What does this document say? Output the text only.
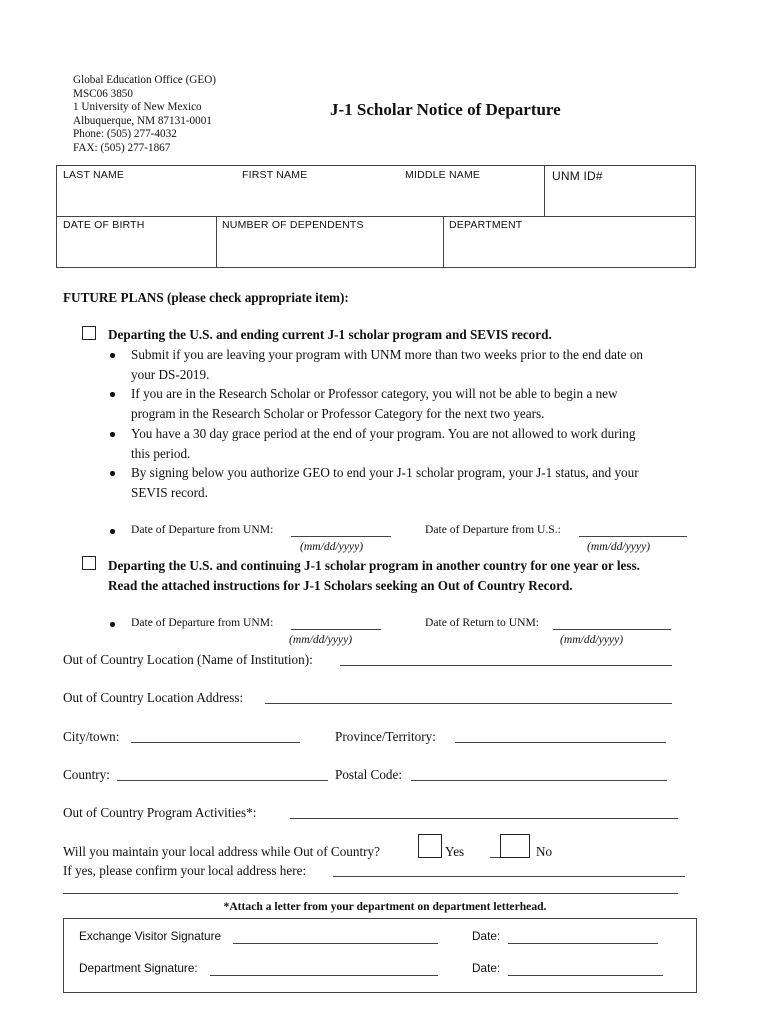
Global Education Office (GEO)
MSC06 3850
1 University of New Mexico
Albuquerque, NM 87131-0001
Phone: (505) 277-4032
FAX: (505) 277-1867
J-1 Scholar Notice of Departure
LAST NAME	FIRST NAME	MIDDLE NAME	UNM ID#
DATE OF BIRTH	NUMBER OF DEPENDENTS	DEPARTMENT
FUTURE PLANS (please check appropriate item):
Departing the U.S. and ending current J-1 scholar program and SEVIS record.
Submit if you are leaving your program with UNM more than two weeks prior to the end date on
your DS-2019.
If you are in the Research Scholar or Professor category, you will not be able to begin a new
program in the Research Scholar or Professor Category for the next two years.
You have a 30 day grace period at the end of your program. You are not allowed to work during
this period.
By signing below you authorize GEO to end your J-1 scholar program, your J-1 status, and your
SEVIS record.
Date of Departure from UNM:	Date of Departure from U.S.:
(mm/dd/yyyy)	(mm/dd/yyyy)
Departing the U.S. and continuing J-1 scholar program in another country for one year or less.
Read the attached instructions for J-1 Scholars seeking an Out of Country Record.
Date of Departure from UNM:	Date of Return to UNM:
(mm/dd/yyyy)	(mm/dd/yyyy)
Out of Country Location (Name of Institution):
Out of Country Location Address:
City/town:	Province/Territory:
Country:	Postal Code:
Out of Country Program Activities*:
Will you maintain your local address while Out of Country?	Yes	No
If yes, please confirm your local address here:
*Attach a letter from your department on department letterhead.
Exchange Visitor Signature	Date:
Department Signature:	Date:
